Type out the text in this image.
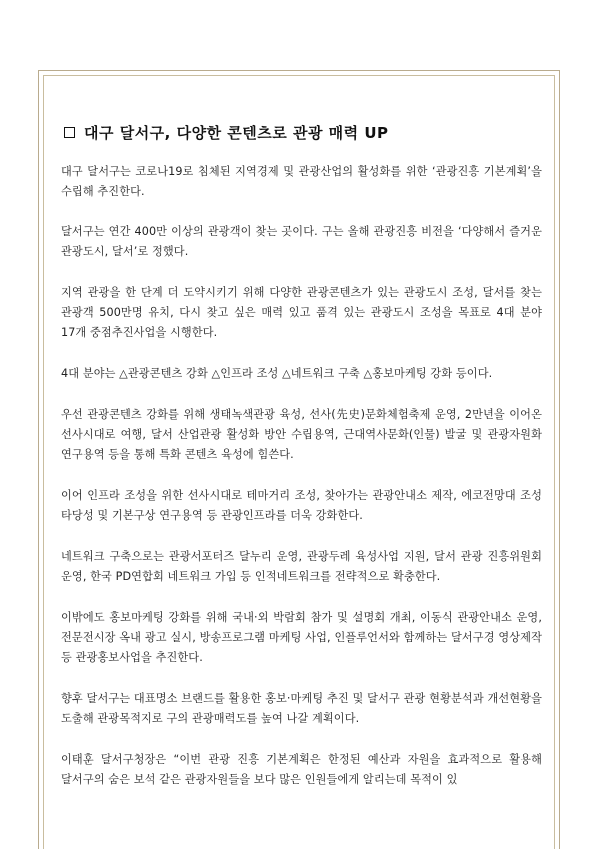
대구 달서구, 다양한 콘텐츠로 관광 매력 UP

대구 달서구는 코로나19로 침체된 지역경제 및 관광산업의 활성화를 위한 ‘관광진흥 기본계획’을 수립해 추진한다.

달서구는 연간 400만 이상의 관광객이 찾는 곳이다. 구는 올해 관광진흥 비전을 ‘다양해서 즐거운 관광도시, 달서’로 정했다.

지역 관광을 한 단계 더 도약시키기 위해 다양한 관광콘텐츠가 있는 관광도시 조성, 달서를 찾는 관광객 500만명 유치, 다시 찾고 싶은 매력 있고 품격 있는 관광도시 조성을 목표로 4대 분야 17개 중점추진사업을 시행한다.

4대 분야는 △관광콘텐츠 강화 △인프라 조성 △네트워크 구축 △홍보마케팅 강화 등이다.

우선 관광콘텐츠 강화를 위해 생태녹색관광 육성, 선사(先史)문화체험축제 운영, 2만년을 이어온 선사시대로 여행, 달서 산업관광 활성화 방안 수립용역, 근대역사문화(인물) 발굴 및 관광자원화 연구용역 등을 통해 특화 콘텐츠 육성에 힘쓴다.

이어 인프라 조성을 위한 선사시대로 테마거리 조성, 찾아가는 관광안내소 제작, 에코전망대 조성 타당성 및 기본구상 연구용역 등 관광인프라를 더욱 강화한다.

네트워크 구축으로는 관광서포터즈 달누리 운영, 관광두레 육성사업 지원, 달서 관광 진흥위원회 운영, 한국 PD연합회 네트워크 가입 등 인적네트워크를 전략적으로 확충한다.

이밖에도 홍보마케팅 강화를 위해 국내·외 박람회 참가 및 설명회 개최, 이동식 관광안내소 운영, 전문전시장 옥내 광고 실시, 방송프로그램 마케팅 사업, 인플루언서와 함께하는 달서구경 영상제작 등 관광홍보사업을 추진한다.

향후 달서구는 대표명소 브랜드를 활용한 홍보·마케팅 추진 및 달서구 관광 현황분석과 개선현황을 도출해 관광목적지로 구의 관광매력도를 높여 나갈 계획이다.

이태훈 달서구청장은 “이번 관광 진흥 기본계획은 한정된 예산과 자원을 효과적으로 활용해 달서구의 숨은 보석 같은 관광자원들을 보다 많은 인원들에게 알리는데 목적이 있
